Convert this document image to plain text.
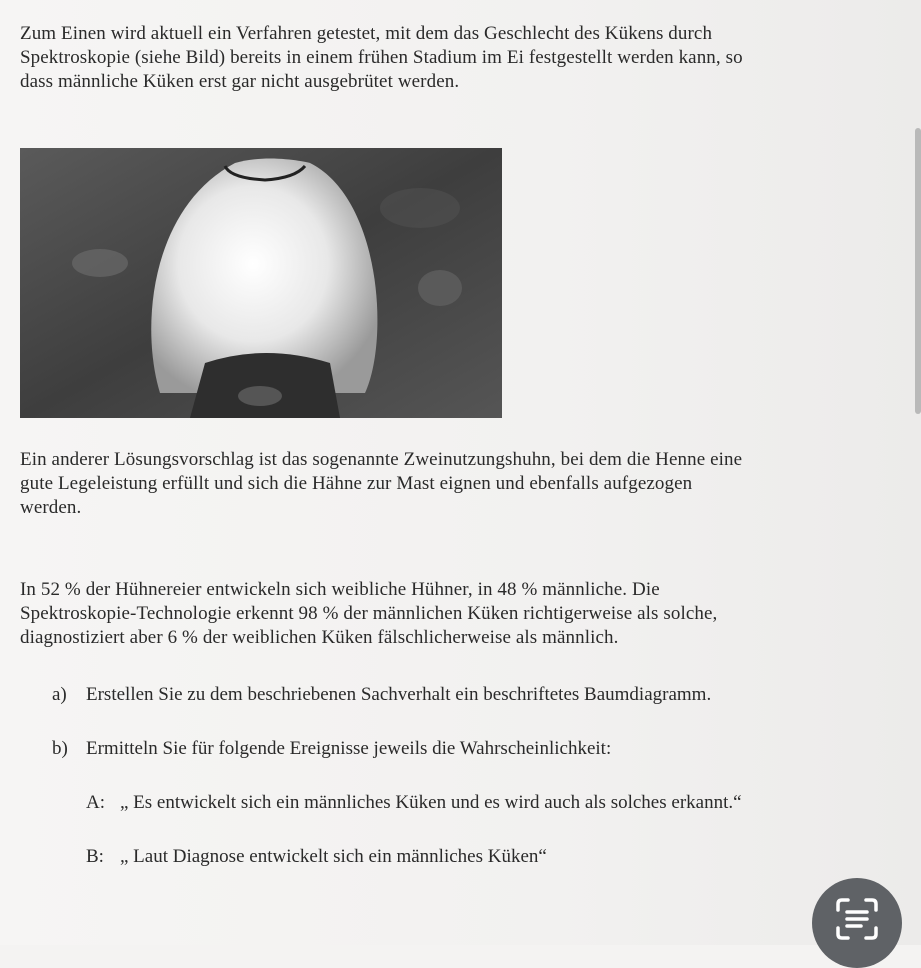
Zum Einen wird aktuell ein Verfahren getestet, mit dem das Geschlecht des Kükens durch
Spektroskopie (siehe Bild) bereits in einem frühen Stadium im Ei festgestellt werden kann, so
dass männliche Küken erst gar nicht ausgebrütet werden.
Ein anderer Lösungsvorschlag ist das sogenannte Zweinutzungshuhn, bei dem die Henne eine
gute Legeleistung erfüllt und sich die Hähne zur Mast eignen und ebenfalls aufgezogen
werden.
In 52 % der Hühnereier entwickeln sich weibliche Hühner, in 48 % männliche. Die
Spektroskopie-Technologie erkennt 98 % der männlichen Küken richtigerweise als solche,
diagnostiziert aber 6 % der weiblichen Küken fälschlicherweise als männlich.
a) Erstellen Sie zu dem beschriebenen Sachverhalt ein beschriftetes Baumdiagramm.
b) Ermitteln Sie für folgende Ereignisse jeweils die Wahrscheinlichkeit:
A: „ Es entwickelt sich ein männliches Küken und es wird auch als solches erkannt.“
B: „ Laut Diagnose entwickelt sich ein männliches Küken“
